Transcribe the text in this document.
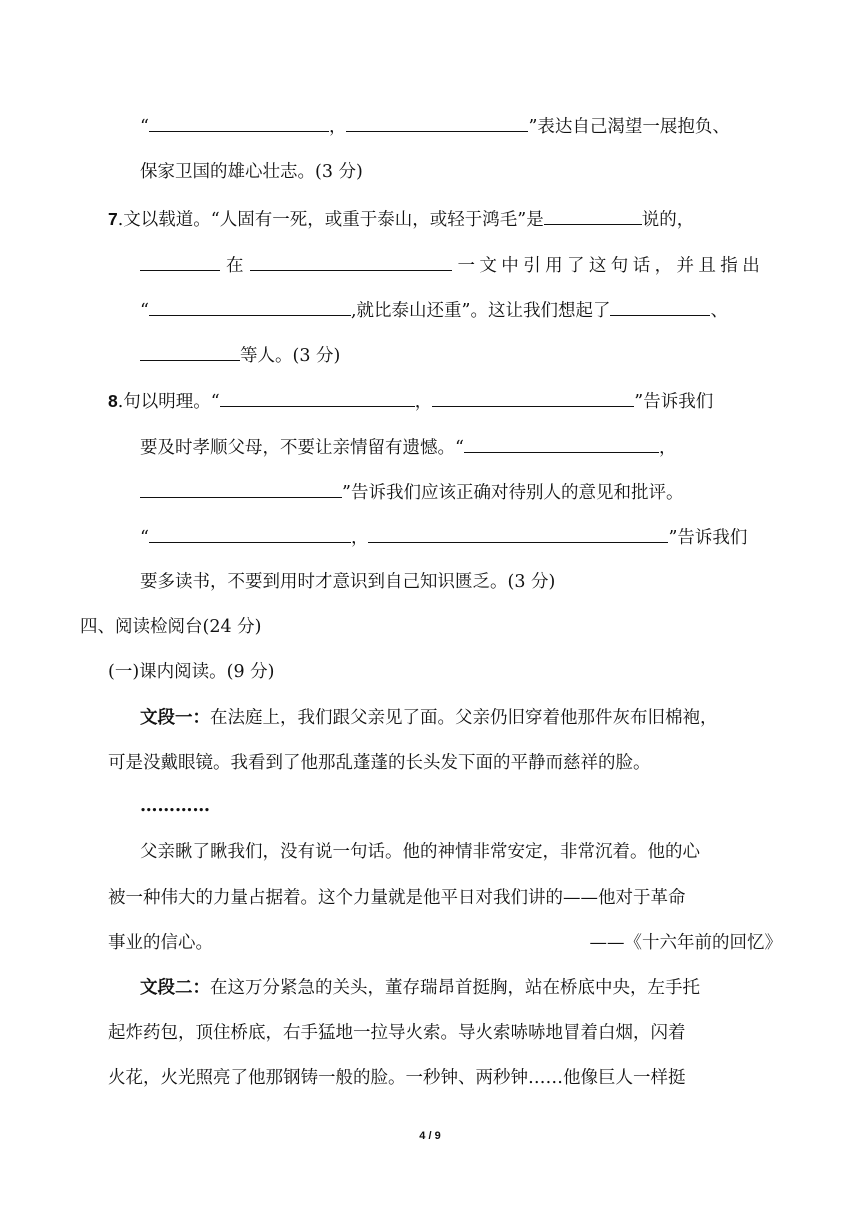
“	，	”表达自己渴望一展抱负、
保家卫国的雄心壮志。(3 分)
7.文以载道。“人固有一死，或重于泰山，或轻于鸿毛”是	说的，
在	一文中引用了这句话，并且指出
“	,就比泰山还重”。这让我们想起了	、
等人。(3 分)
8.句以明理。“	，	”告诉我们
要及时孝顺父母，不要让亲情留有遗憾。“	，
”告诉我们应该正确对待别人的意见和批评。
“	，	”告诉我们
要多读书，不要到用时才意识到自己知识匮乏。(3 分)
四、阅读检阅台(24 分)
(一)课内阅读。(9 分)
文段一：在法庭上，我们跟父亲见了面。父亲仍旧穿着他那件灰布旧棉袍，
可是没戴眼镜。我看到了他那乱蓬蓬的长头发下面的平静而慈祥的脸。
…………
父亲瞅了瞅我们，没有说一句话。他的神情非常安定，非常沉着。他的心
被一种伟大的力量占据着。这个力量就是他平日对我们讲的——他对于革命
事业的信心。	——《十六年前的回忆》
文段二：在这万分紧急的关头，董存瑞昂首挺胸，站在桥底中央，左手托
起炸药包，顶住桥底，右手猛地一拉导火索。导火索哧哧地冒着白烟，闪着
火花，火光照亮了他那钢铸一般的脸。一秒钟、两秒钟……他像巨人一样挺
4 / 9
